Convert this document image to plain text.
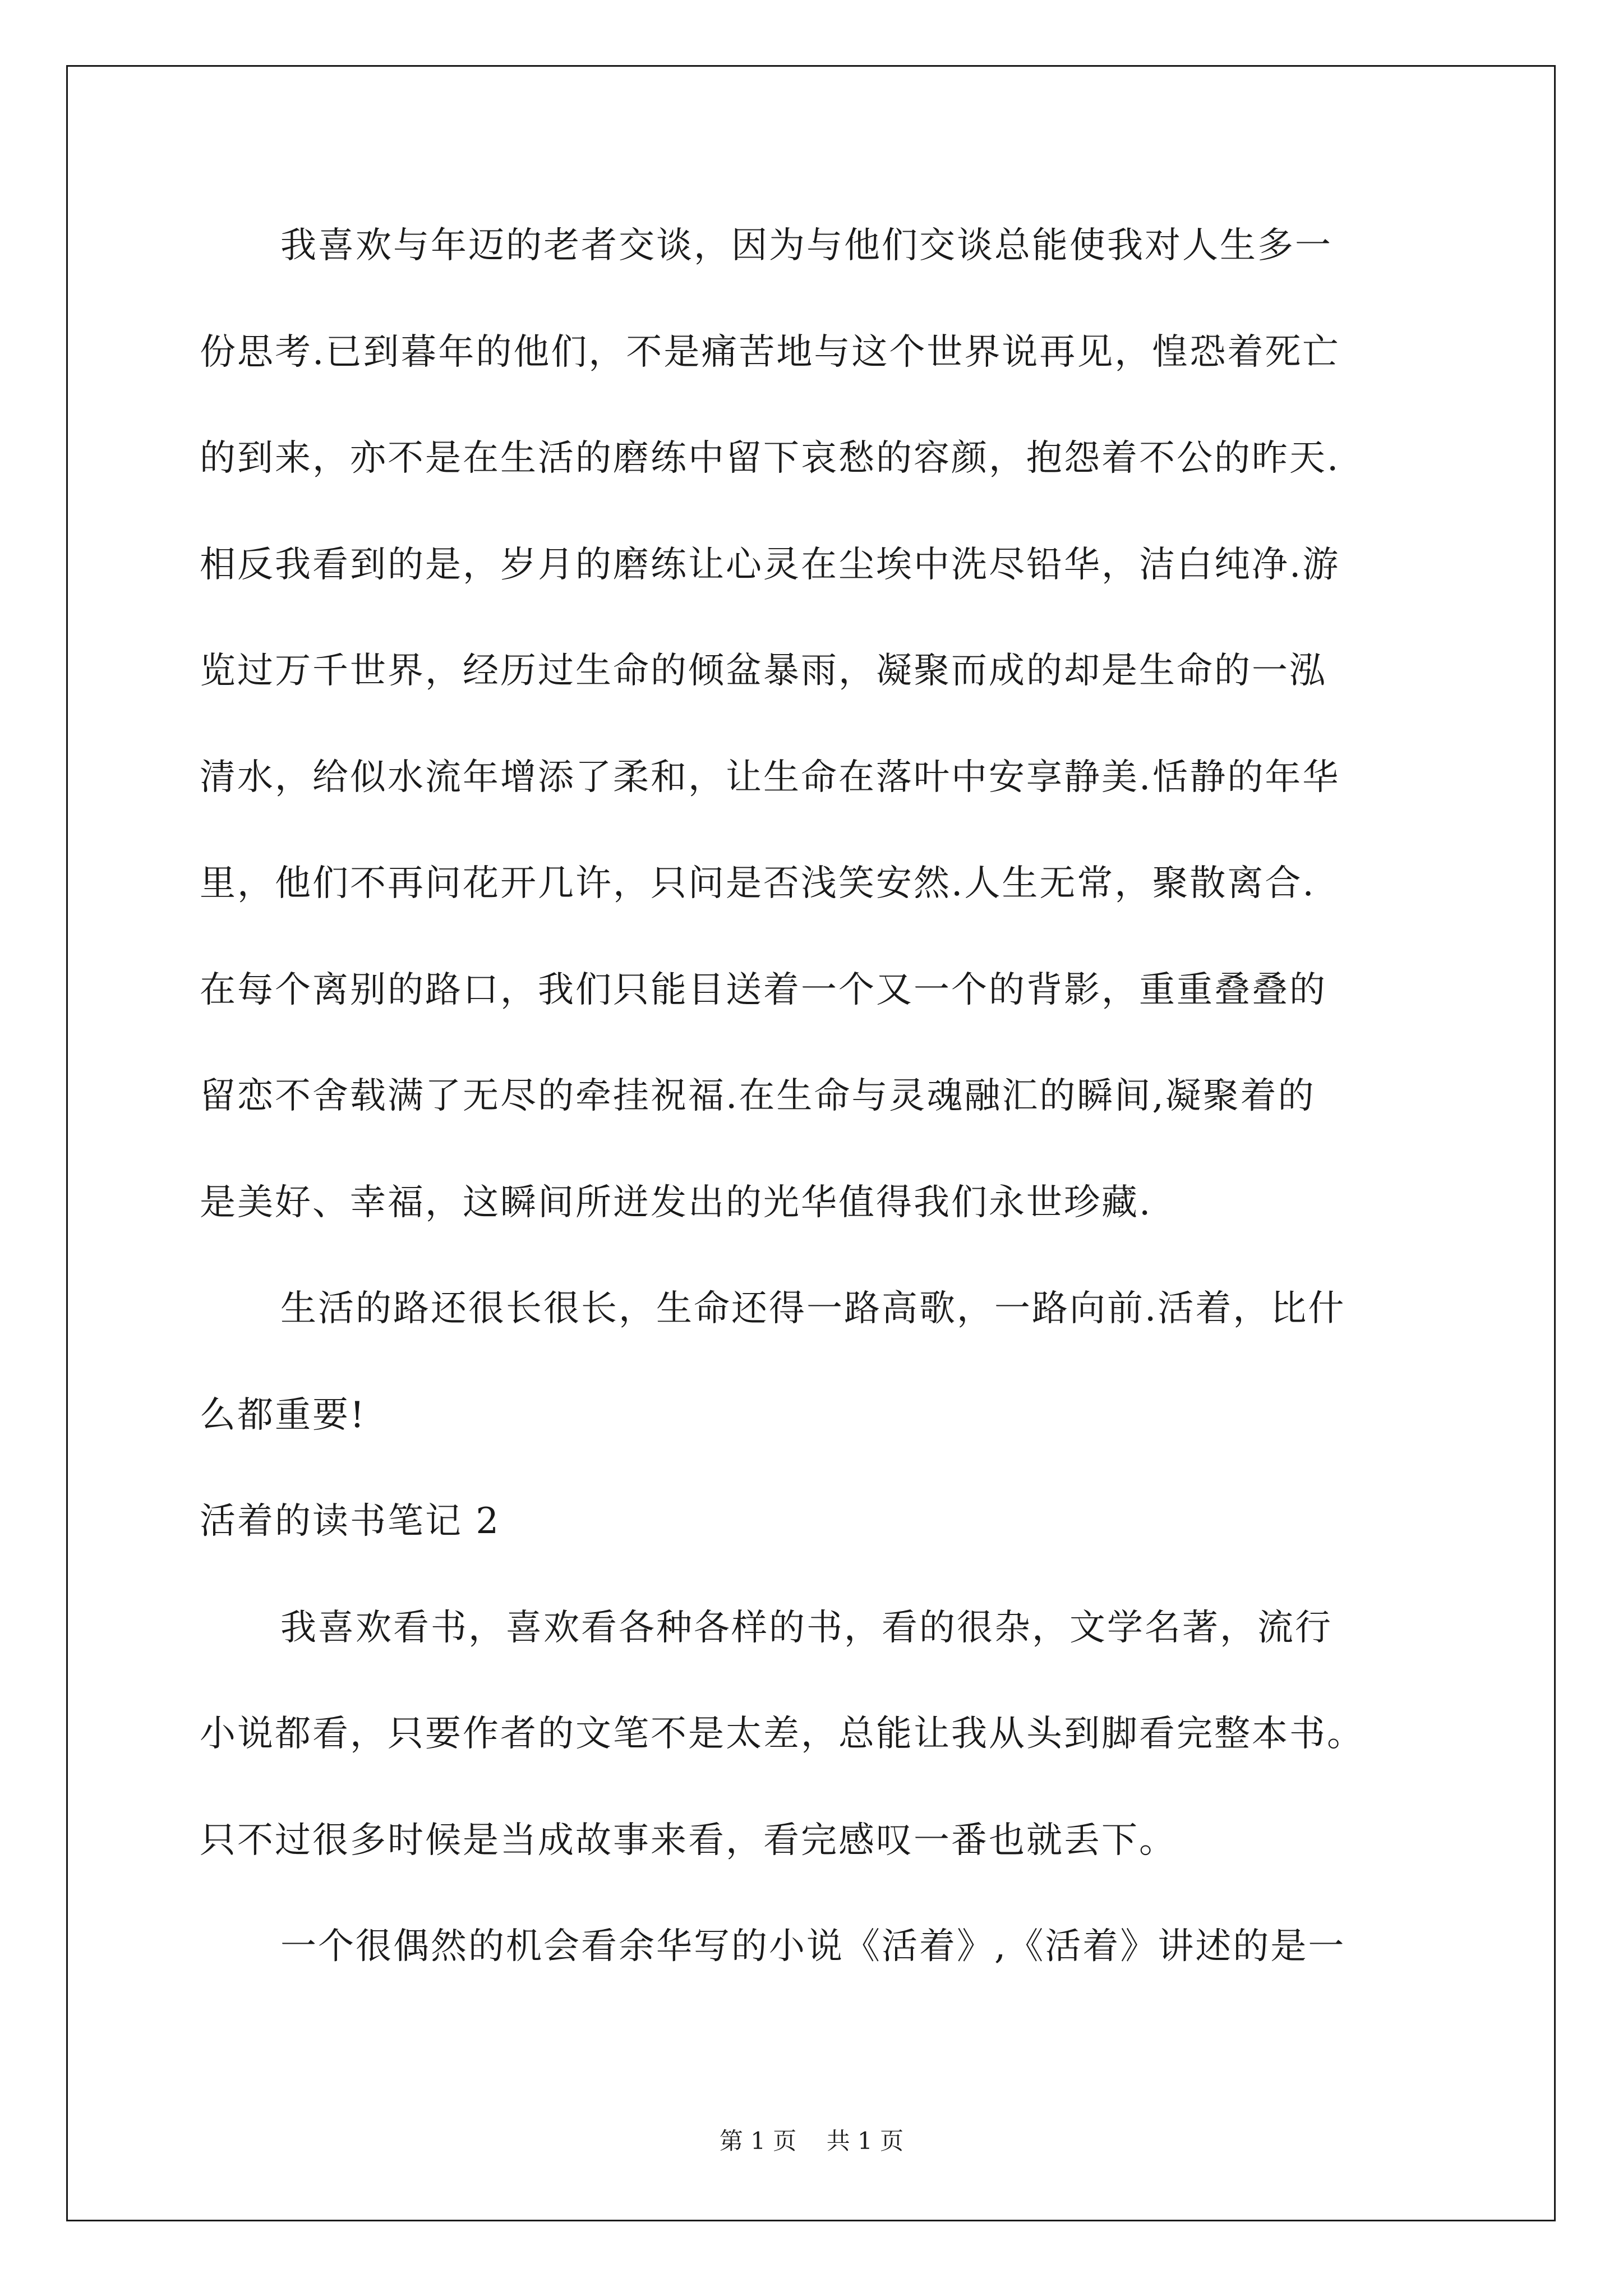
我喜欢与年迈的老者交谈，因为与他们交谈总能使我对人生多一
份思考.已到暮年的他们，不是痛苦地与这个世界说再见，惶恐着死亡
的到来，亦不是在生活的磨练中留下哀愁的容颜，抱怨着不公的昨天.
相反我看到的是，岁月的磨练让心灵在尘埃中洗尽铅华，洁白纯净.游
览过万千世界，经历过生命的倾盆暴雨，凝聚而成的却是生命的一泓
清水，给似水流年增添了柔和，让生命在落叶中安享静美.恬静的年华
里，他们不再问花开几许，只问是否浅笑安然.人生无常，聚散离合.
在每个离别的路口，我们只能目送着一个又一个的背影，重重叠叠的
留恋不舍载满了无尽的牵挂祝福.在生命与灵魂融汇的瞬间,凝聚着的
是美好、幸福，这瞬间所迸发出的光华值得我们永世珍藏.
生活的路还很长很长，生命还得一路高歌，一路向前.活着，比什
么都重要!
活着的读书笔记 2
我喜欢看书，喜欢看各种各样的书，看的很杂，文学名著，流行
小说都看，只要作者的文笔不是太差，总能让我从头到脚看完整本书。
只不过很多时候是当成故事来看，看完感叹一番也就丢下。
一个很偶然的机会看余华写的小说《活着》,《活着》讲述的是一
第 1 页    共 1 页
